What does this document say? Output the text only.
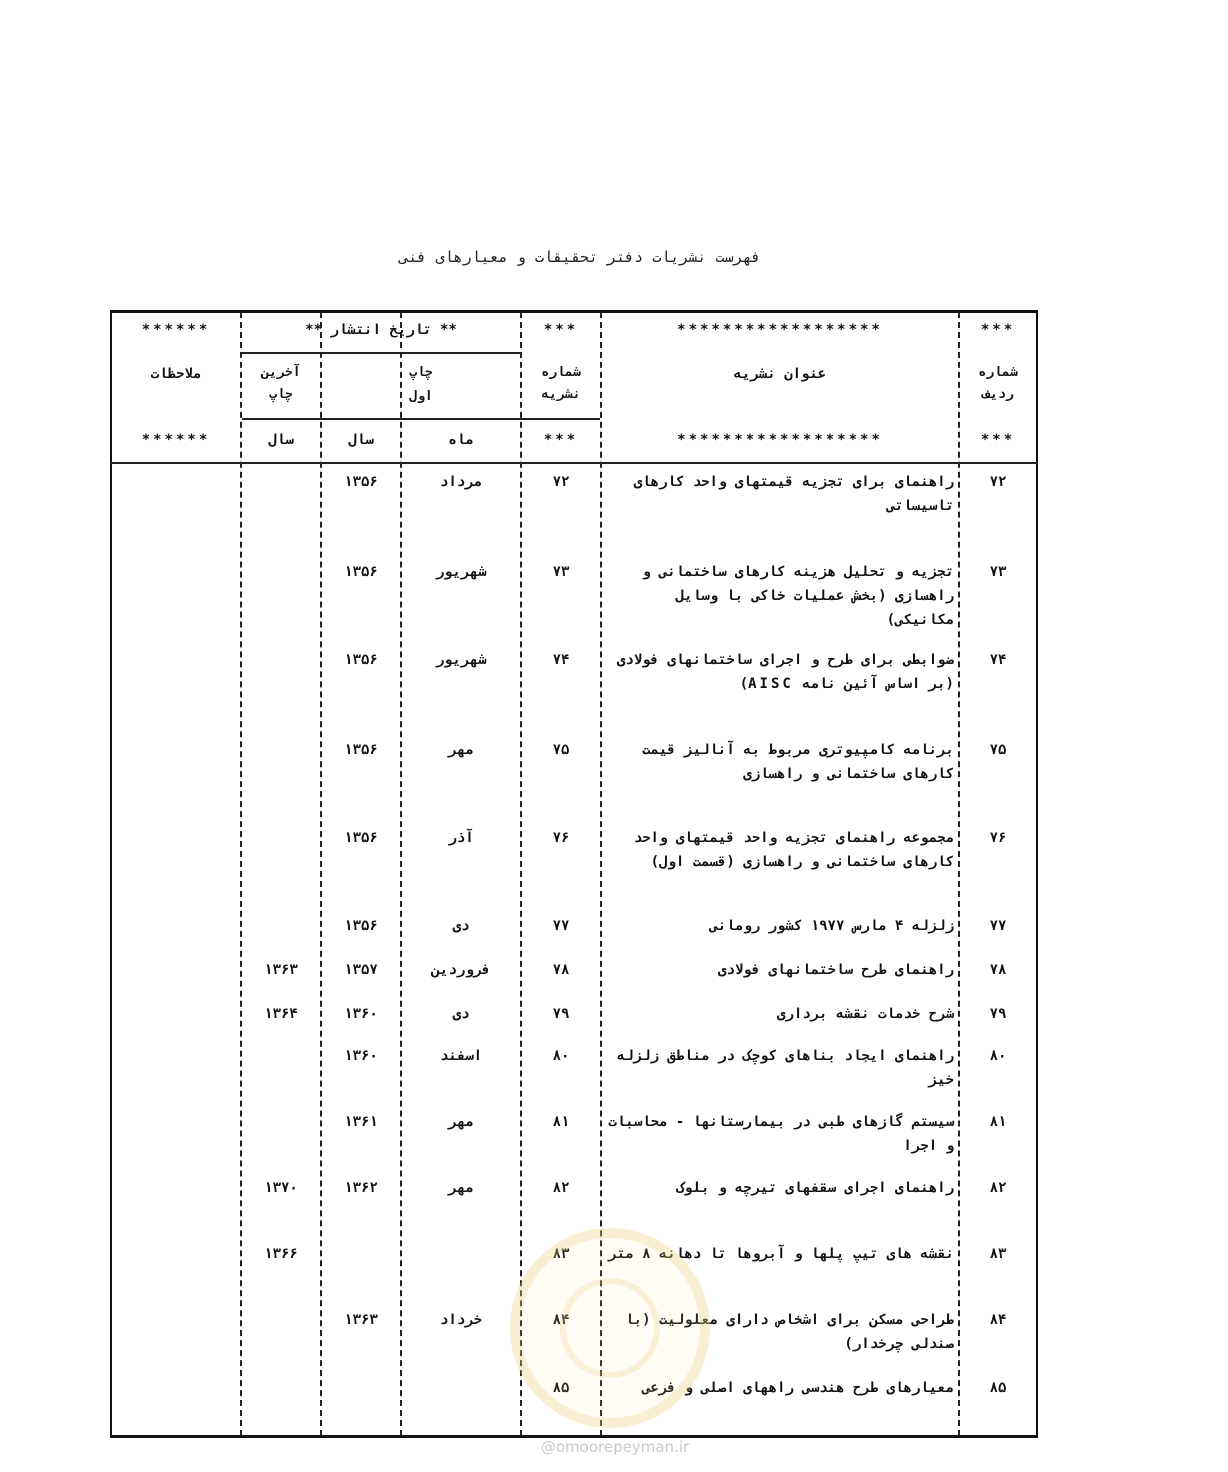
فهرست نشریات دفتر تحقیقات و معیارهای فنی
***
******************
***
** تاریخ انتشار **
******
شماره
ردیف
عنوان نشریه
شماره
نشریه
چاپ
اول
آخرین
چاپ
ملاحظات
***
******************
***
ماه
سال
سال
******
۷۲
راهنمای برای تجزیه قیمتهای واحد کارهای تاسیساتی
۷۲
مرداد
۱۳۵۶
۷۳
تجزیه و تحلیل هزینه کارهای ساختمانی و راهسازی (بخش عملیات خاکی با وسایل مکانیکی)
۷۳
شهریور
۱۳۵۶
۷۴
ضوابطی برای طرح و اجرای ساختمانهای فولادی (بر اساس آئین نامه AISC)
۷۴
شهریور
۱۳۵۶
۷۵
برنامه کامپیوتری مربوط به آنالیز قیمت کارهای ساختمانی و راهسازی
۷۵
مهر
۱۳۵۶
۷۶
مجموعه راهنمای تجزیه واحد قیمتهای واحد کارهای ساختمانی و راهسازی (قسمت اول)
۷۶
آذر
۱۳۵۶
۷۷
زلزله ۴ مارس ۱۹۷۷ کشور رومانی
۷۷
دی
۱۳۵۶
۷۸
راهنمای طرح ساختمانهای فولادی
۷۸
فروردین
۱۳۵۷
۱۳۶۳
۷۹
شرح خدمات نقشه برداری
۷۹
دی
۱۳۶۰
۱۳۶۴
۸۰
راهنمای ایجاد بناهای کوچک در مناطق زلزله خیز
۸۰
اسفند
۱۳۶۰
۸۱
سیستم گازهای طبی در بیمارستانها - محاسبات و اجرا
۸۱
مهر
۱۳۶۱
۸۲
راهنمای اجرای سقفهای تیرچه و بلوک
۸۲
مهر
۱۳۶۲
۱۳۷۰
۸۳
نقشه های تیپ پلها و آبروها تا دهانه ۸ متر
۸۳
۱۳۶۶
۸۴
طراحی مسکن برای اشخاص دارای معلولیت (با صندلی چرخدار)
۸۴
خرداد
۱۳۶۳
۸۵
معیارهای طرح هندسی راههای اصلی و فرعی
۸۵
@omoorepeyman.ir
